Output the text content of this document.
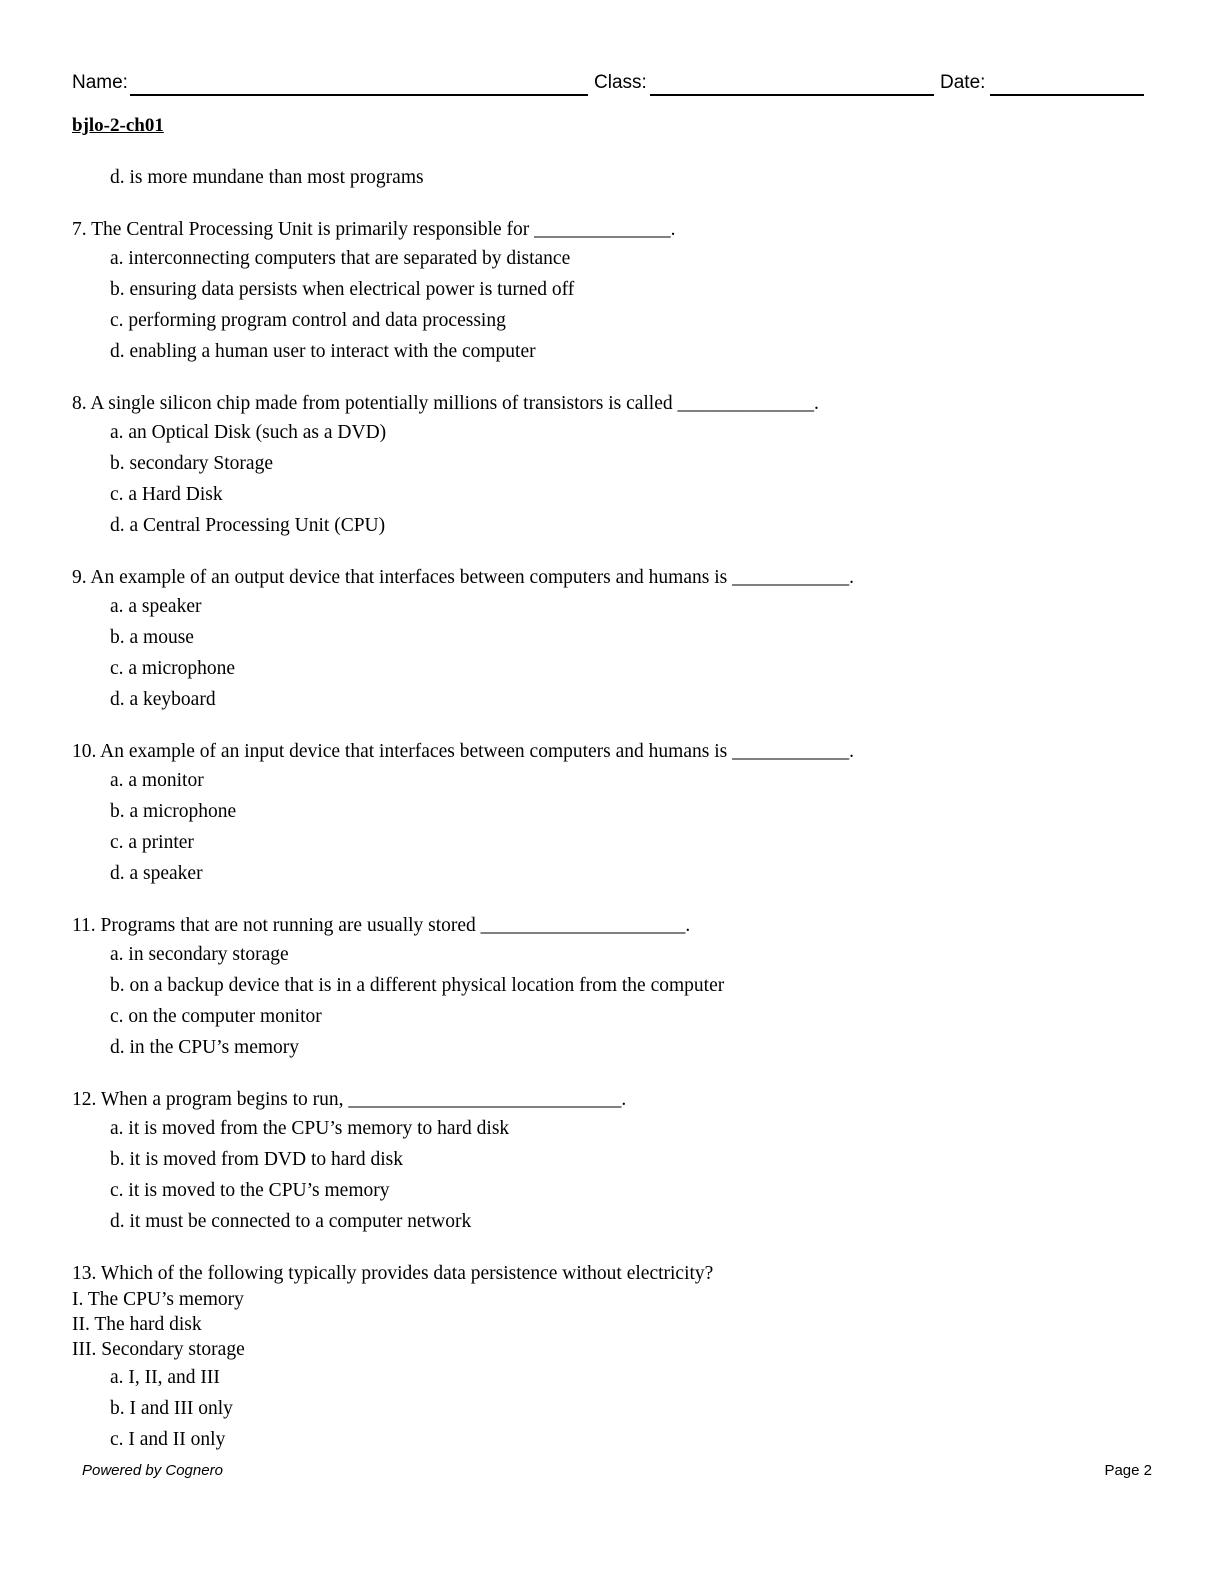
Name:	Class:	Date:
bjlo-2-ch01

d. is more mundane than most programs

7. The Central Processing Unit is primarily responsible for ______________.

a. interconnecting computers that are separated by distance

b. ensuring data persists when electrical power is turned off

c. performing program control and data processing

d. enabling a human user to interact with the computer

8. A single silicon chip made from potentially millions of transistors is called ______________.

a. an Optical Disk (such as a DVD)

b. secondary Storage

c. a Hard Disk

d. a Central Processing Unit (CPU)

9. An example of an output device that interfaces between computers and humans is ____________.

a. a speaker

b. a mouse

c. a microphone

d. a keyboard

10. An example of an input device that interfaces between computers and humans is ____________.

a. a monitor

b. a microphone

c. a printer

d. a speaker

11. Programs that are not running are usually stored _____________________.

a. in secondary storage

b. on a backup device that is in a different physical location from the computer

c. on the computer monitor

d. in the CPU’s memory

12. When a program begins to run, ____________________________.

a. it is moved from the CPU’s memory to hard disk

b. it is moved from DVD to hard disk

c. it is moved to the CPU’s memory

d. it must be connected to a computer network

13. Which of the following typically provides data persistence without electricity?

I. The CPU’s memory

II. The hard disk

III. Secondary storage

a. I, II, and III

b. I and III only

c. I and II only

Powered by Cognero	Page 2
